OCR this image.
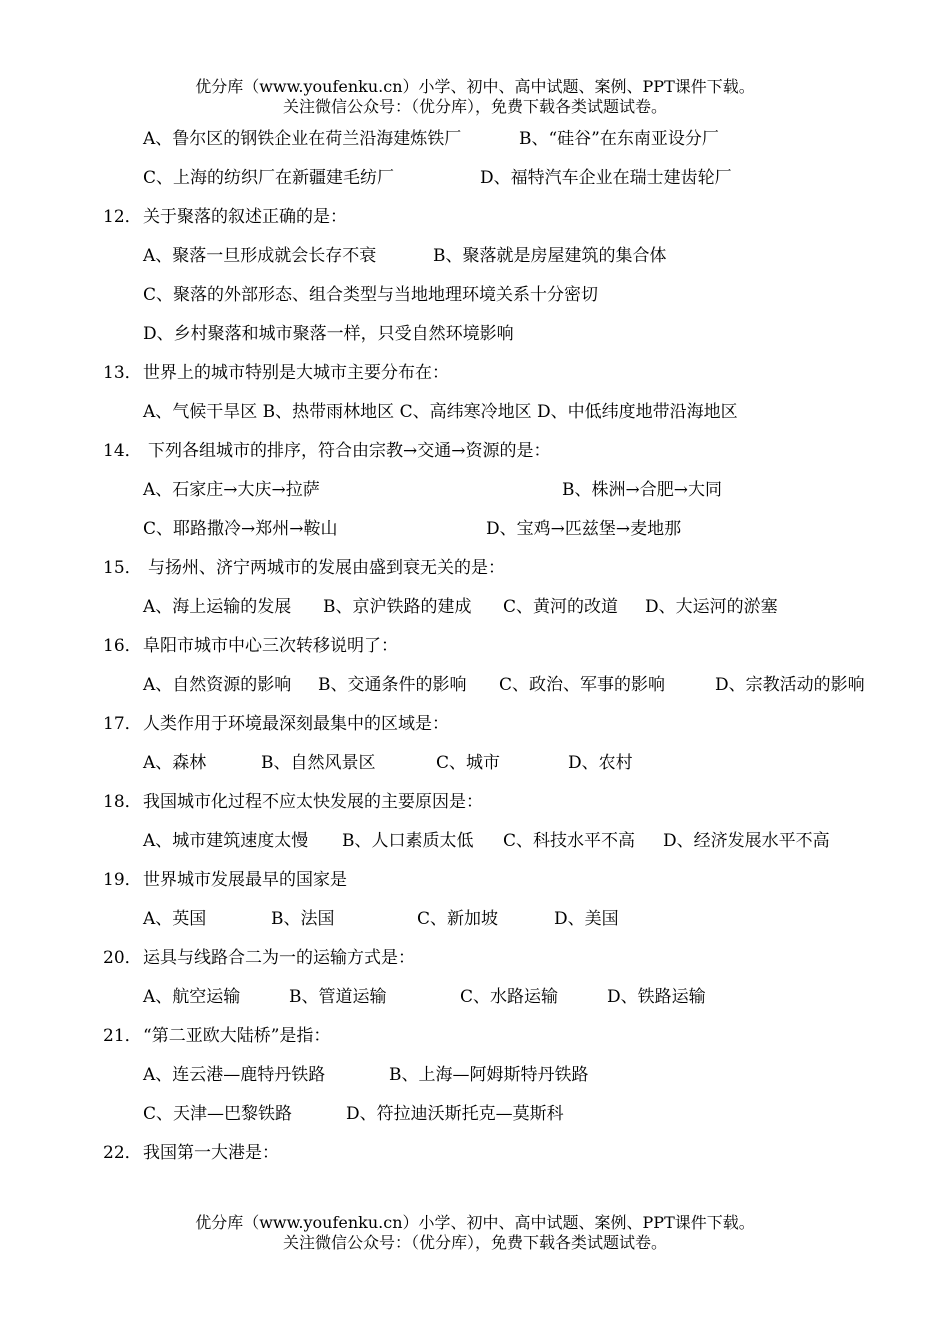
优分库（www.youfenku.cn）小学、初中、高中试题、案例、PPT课件下载。
关注微信公众号：（优分库），免费下载各类试题试卷。
A、鲁尔区的钢铁企业在荷兰沿海建炼铁厂	B、“硅谷”在东南亚设分厂
C、上海的纺织厂在新疆建毛纺厂	D、福特汽车企业在瑞士建齿轮厂
12． 关于聚落的叙述正确的是：
A、聚落一旦形成就会长存不衰	B、聚落就是房屋建筑的集合体
C、聚落的外部形态、组合类型与当地地理环境关系十分密切
D、乡村聚落和城市聚落一样，只受自然环境影响
13． 世界上的城市特别是大城市主要分布在：
A、气候干旱区 B、热带雨林地区 C、高纬寒冷地区 D、中低纬度地带沿海地区
14． 下列各组城市的排序，符合由宗教→交通→资源的是：
A、石家庄→大庆→拉萨	B、株洲→合肥→大同
C、耶路撒冷→郑州→鞍山	D、宝鸡→匹兹堡→麦地那
15． 与扬州、济宁两城市的发展由盛到衰无关的是：
A、海上运输的发展 B、京沪铁路的建成 C、黄河的改道 D、大运河的淤塞
16． 阜阳市城市中心三次转移说明了：
A、自然资源的影响 B、交通条件的影响 C、政治、军事的影响	D、宗教活动的影响
17． 人类作用于环境最深刻最集中的区域是：
A、森林	B、自然风景区	C、城市	D、农村
18． 我国城市化过程不应太快发展的主要原因是：
A、城市建筑速度太慢 B、人口素质太低 C、科技水平不高 D、经济发展水平不高
19． 世界城市发展最早的国家是
A、英国	B、法国	C、新加坡	D、美国
20． 运具与线路合二为一的运输方式是：
A、航空运输	B、管道运输	C、水路运输	D、铁路运输
21． “第二亚欧大陆桥”是指：
A、连云港—鹿特丹铁路	B、上海—阿姆斯特丹铁路
C、天津—巴黎铁路	D、符拉迪沃斯托克—莫斯科
22． 我国第一大港是：
优分库（www.youfenku.cn）小学、初中、高中试题、案例、PPT课件下载。
关注微信公众号：（优分库），免费下载各类试题试卷。
